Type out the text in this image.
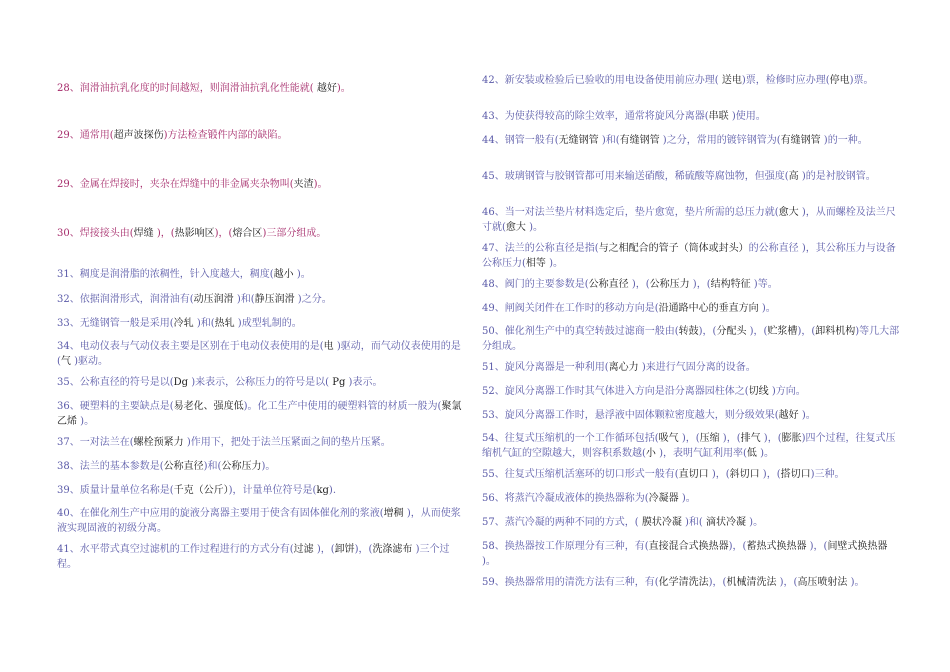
28、润滑油抗乳化度的时间越短，则润滑油抗乳化性能就( 越好)。
29、通常用(超声波探伤)方法检查锻件内部的缺陷。
29、金属在焊接时，夹杂在焊缝中的非金属夹杂物叫(夹渣)。
30、焊接接头由(焊缝 )，(热影响区)，(熔合区)三部分组成。
31、稠度是润滑脂的浓稠性，针入度越大，稠度(越小 )。
32、依据润滑形式，润滑油有(动压润滑 )和(静压润滑 )之分。
33、无缝钢管一般是采用(冷轧 )和(热轧 )成型轧制的。
34、电动仪表与气动仪表主要是区别在于电动仪表使用的是(电 )驱动，而气动仪表使用的是(气 )驱动。
35、公称直径的符号是以(Dg )来表示，公称压力的符号是以( Pg )表示。
36、硬塑料的主要缺点是(易老化、强度低)。化工生产中使用的硬塑料管的材质一般为(聚氯乙烯 )。
37、一对法兰在(螺栓预紧力 )作用下，把处于法兰压紧面之间的垫片压紧。
38、法兰的基本参数是(公称直径)和(公称压力)。
39、质量计量单位名称是(千克（公斤）)，计量单位符号是(kg).
40、在催化剂生产中应用的旋液分离器主要用于使含有固体催化剂的浆液(增稠 )，从而使浆液实现固液的初级分离。
41、水平带式真空过滤机的工作过程进行的方式分有(过滤 )，(卸饼)，(洗涤滤布 )三个过程。
42、新安装或检验后已验收的用电设备使用前应办理( 送电)票，检修时应办理(停电)票。
43、为使获得较高的除尘效率，通常将旋风分离器(串联 )使用。
44、钢管一般有(无缝钢管 )和(有缝钢管 )之分，常用的镀锌钢管为(有缝钢管 )的一种。
45、玻璃钢管与胶钢管都可用来输送硝酸，稀硫酸等腐蚀物，但强度(高 )的是衬胶钢管。
46、当一对法兰垫片材料选定后，垫片愈宽，垫片所需的总压力就(愈大 )，从而螺栓及法兰尺寸就(愈大 )。
47、法兰的公称直径是指(与之相配合的管子（筒体或封头）的公称直径 )，其公称压力与设备公称压力(相等 )。
48、阀门的主要参数是(公称直径 )，(公称压力 )，(结构特征 )等。
49、闸阀关闭件在工作时的移动方向是(沿通路中心的垂直方向 )。
50、催化剂生产中的真空转鼓过滤商一般由(转鼓)，(分配头 )，(贮浆槽)，(卸料机构)等几大部分组成。
51、旋风分离器是一种利用(离心力 )来进行气固分离的设备。
52、旋风分离器工作时其气体进入方向是沿分离器园柱体之(切线 )方向。
53、旋风分离器工作时，悬浮液中固体颗粒密度越大，则分级效果(越好 )。
54、往复式压缩机的一个工作循环包括(吸气 )，(压缩 )，(排气 )，(膨胀)四个过程，往复式压缩机气缸的空隙越大，则容积系数越(小 )，表明气缸利用率(低 )。
55、往复式压缩机活塞环的切口形式一般有(直切口 )，(斜切口 )，(搭切口)三种。
56、将蒸汽冷凝成液体的换热器称为(冷凝器 )。
57、蒸汽冷凝的两种不同的方式，( 膜状冷凝 )和( 滴状冷凝 )。
58、换热器按工作原理分有三种，有(直接混合式换热器)，(蓄热式换热器 )，(间壁式换热器 )。
59、换热器常用的清洗方法有三种，有(化学清洗法)，(机械清洗法 )，(高压喷射法 )。
